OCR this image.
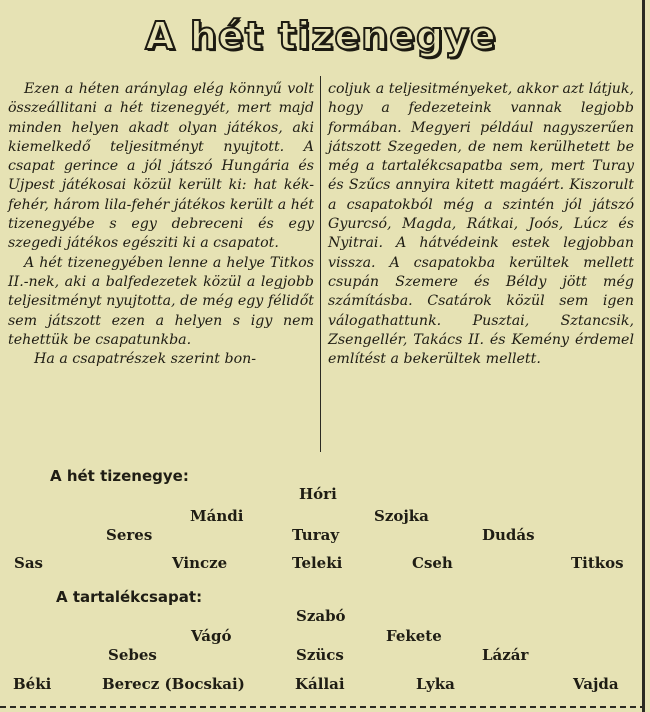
A hét tizenegye

Ezen a héten aránylag elég könnyű volt összeállitani a hét tizenegyét, mert majd minden helyen akadt olyan játékos, aki kiemelkedő teljesitményt nyujtott. A csapat gerince a jól játszó Hungária és Ujpest játékosai közül került ki: hat kék-fehér, három lila-fehér játékos került a hét tizenegyébe s egy debreceni és egy szegedi játékos egésziti ki a csapatot.

A hét tizenegyében lenne a helye Titkos II.-nek, aki a balfedezetek közül a legjobb teljesitményt nyujtotta, de még egy félidőt sem játszott ezen a helyen s igy nem tehettük be csapatunkba.

Ha a csapatrészek szerint bon-

coljuk a teljesitményeket, akkor azt látjuk, hogy a fedezeteink vannak legjobb formában. Megyeri például nagyszerűen játszott Szegeden, de nem kerülhetett be még a tartalékcsapatba sem, mert Turay és Szűcs annyira kitett magáért. Kiszorult a csapatokból még a szintén jól játszó Gyurcsó, Magda, Rátkai, Joós, Lúcz és Nyitrai. A hátvédeink estek legjobban vissza. A csapatokba kerültek mellett csupán Szemere és Béldy jött még számításba. Csatárok közül sem igen válogathattunk. Pusztai, Sztancsik, Zsengellér, Takács II. és Kemény érdemel említést a bekerültek mellett.

A hét tizenegye:
Hóri
Mándi	Szojka
Seres	Turay	Dudás
Sas	Vincze	Teleki	Cseh	Titkos
A tartalékcsapat:
Szabó
Vágó	Fekete
Sebes	Szücs	Lázár
Béki	Berecz (Bocskai)	Kállai	Lyka	Vajda
